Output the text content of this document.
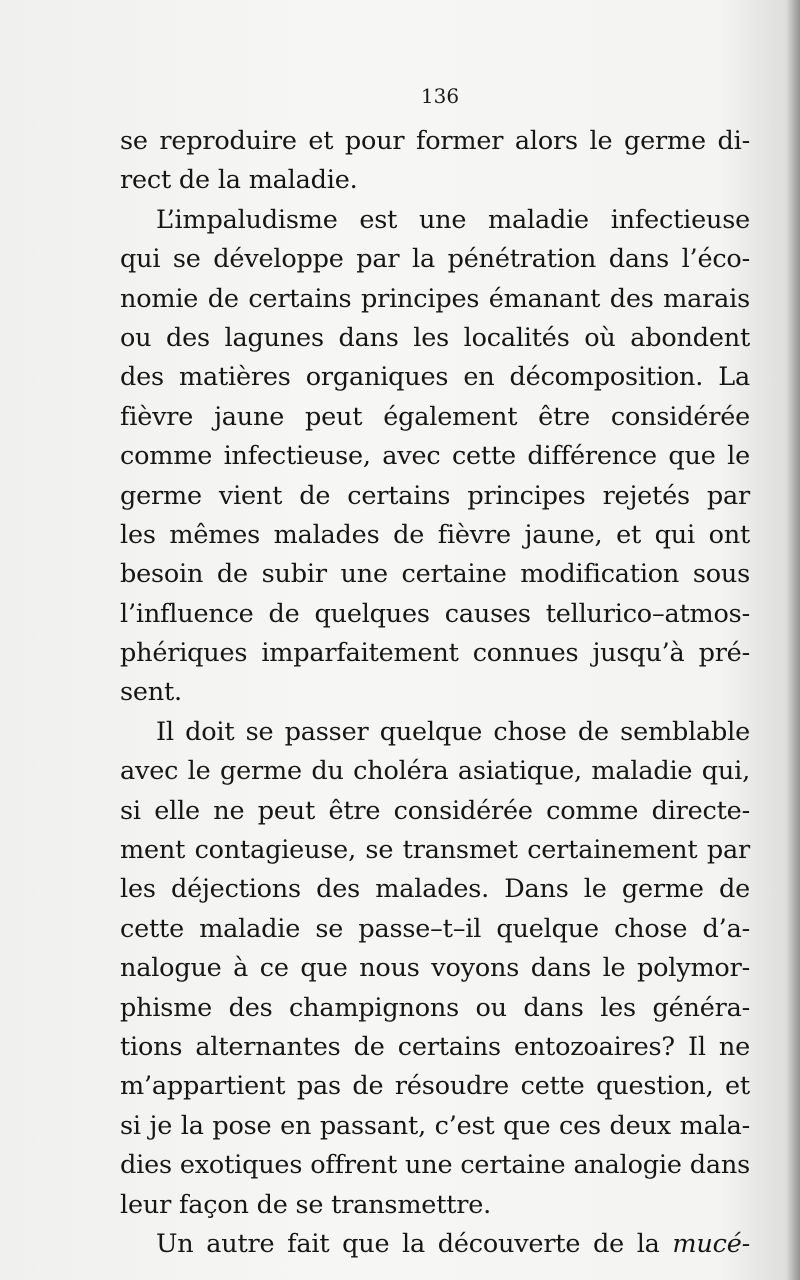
136
se reproduire et pour former alors le germe di-
rect de la maladie.
L’impaludisme est une maladie infectieuse
qui se développe par la pénétration dans l’éco-
nomie de certains principes émanant des marais
ou des lagunes dans les localités où abondent
des matières organiques en décomposition. La
fièvre jaune peut également être considérée
comme infectieuse, avec cette différence que le
germe vient de certains principes rejetés par
les mêmes malades de fièvre jaune, et qui ont
besoin de subir une certaine modification sous
l’influence de quelques causes tellurico–atmos-
phériques imparfaitement connues jusqu’à pré-
sent.
Il doit se passer quelque chose de semblable
avec le germe du choléra asiatique, maladie qui,
si elle ne peut être considérée comme directe-
ment contagieuse, se transmet certainement par
les déjections des malades. Dans le germe de
cette maladie se passe–t–il quelque chose d’a-
nalogue à ce que nous voyons dans le polymor-
phisme des champignons ou dans les généra-
tions alternantes de certains entozoaires? Il ne
m’appartient pas de résoudre cette question, et
si je la pose en passant, c’est que ces deux mala-
dies exotiques offrent une certaine analogie dans
leur façon de se transmettre.
Un autre fait que la découverte de la mucé-
